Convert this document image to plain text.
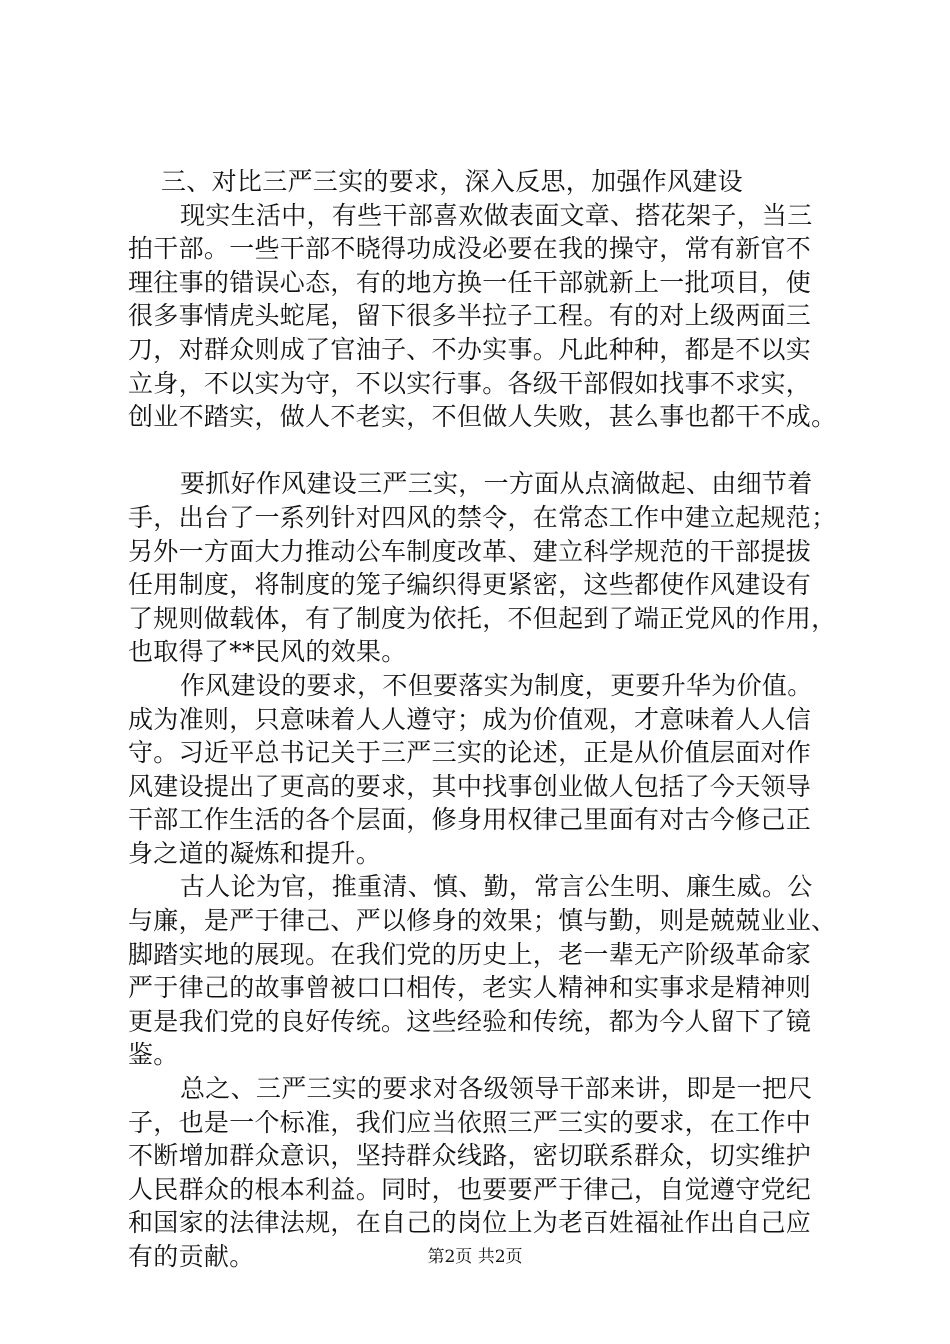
三、对比三严三实的要求，深入反思，加强作风建设
现实生活中，有些干部喜欢做表面文章、搭花架子，当三
拍干部。一些干部不晓得功成没必要在我的操守，常有新官不
理往事的错误心态，有的地方换一任干部就新上一批项目，使
很多事情虎头蛇尾，留下很多半拉子工程。有的对上级两面三
刀，对群众则成了官油子、不办实事。凡此种种，都是不以实
立身，不以实为守，不以实行事。各级干部假如找事不求实，
创业不踏实，做人不老实，不但做人失败，甚么事也都干不成。
要抓好作风建设三严三实，一方面从点滴做起、由细节着
手，出台了一系列针对四风的禁令，在常态工作中建立起规范；
另外一方面大力推动公车制度改革、建立科学规范的干部提拔
任用制度，将制度的笼子编织得更紧密，这些都使作风建设有
了规则做载体，有了制度为依托，不但起到了端正党风的作用，
也取得了**民风的效果。
作风建设的要求，不但要落实为制度，更要升华为价值。
成为准则，只意味着人人遵守；成为价值观，才意味着人人信
守。习近平总书记关于三严三实的论述，正是从价值层面对作
风建设提出了更高的要求，其中找事创业做人包括了今天领导
干部工作生活的各个层面，修身用权律己里面有对古今修己正
身之道的凝炼和提升。
古人论为官，推重清、慎、勤，常言公生明、廉生威。公
与廉，是严于律己、严以修身的效果；慎与勤，则是兢兢业业、
脚踏实地的展现。在我们党的历史上，老一辈无产阶级革命家
严于律己的故事曾被口口相传，老实人精神和实事求是精神则
更是我们党的良好传统。这些经验和传统，都为今人留下了镜
鉴。
总之、三严三实的要求对各级领导干部来讲，即是一把尺
子，也是一个标准，我们应当依照三严三实的要求，在工作中
不断增加群众意识，坚持群众线路，密切联系群众，切实维护
人民群众的根本利益。同时，也要要严于律己，自觉遵守党纪
和国家的法律法规，在自己的岗位上为老百姓福祉作出自己应
有的贡献。	第2页 共2页
